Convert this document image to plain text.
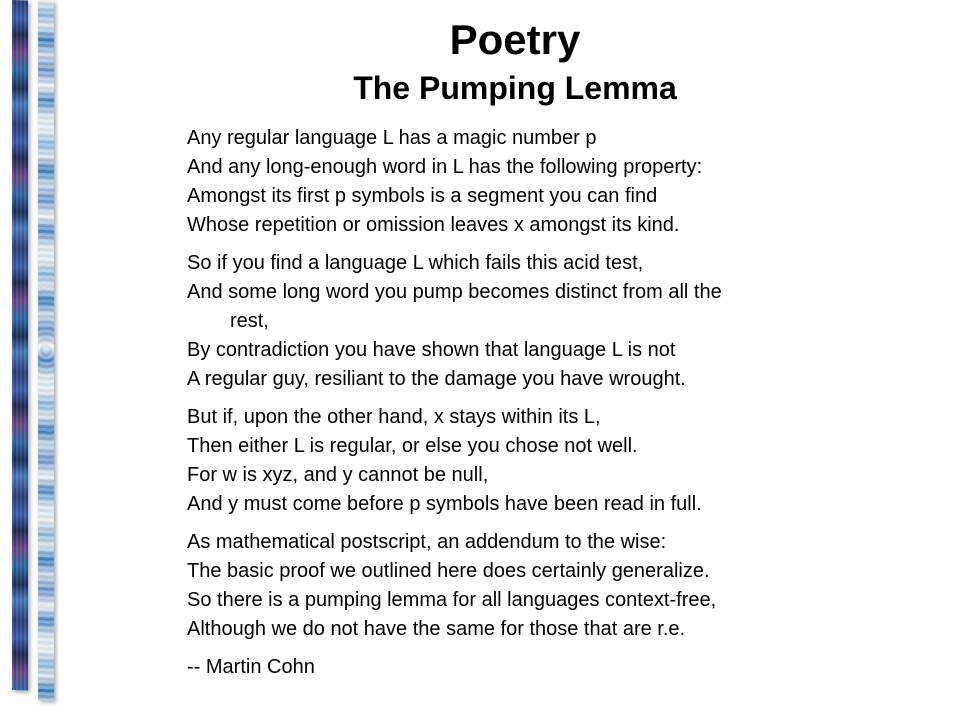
Poetry
The Pumping Lemma
Any regular language L has a magic number p
And any long-enough word in L has the following property:
Amongst its first p symbols is a segment you can find
Whose repetition or omission leaves x amongst its kind.
So if you find a language L which fails this acid test,
And some long word you pump becomes distinct from all the
rest,
By contradiction you have shown that language L is not
A regular guy, resiliant to the damage you have wrought.
But if, upon the other hand, x stays within its L,
Then either L is regular, or else you chose not well.
For w is xyz, and y cannot be null,
And y must come before p symbols have been read in full.
As mathematical postscript, an addendum to the wise:
The basic proof we outlined here does certainly generalize.
So there is a pumping lemma for all languages context-free,
Although we do not have the same for those that are r.e.
-- Martin Cohn
